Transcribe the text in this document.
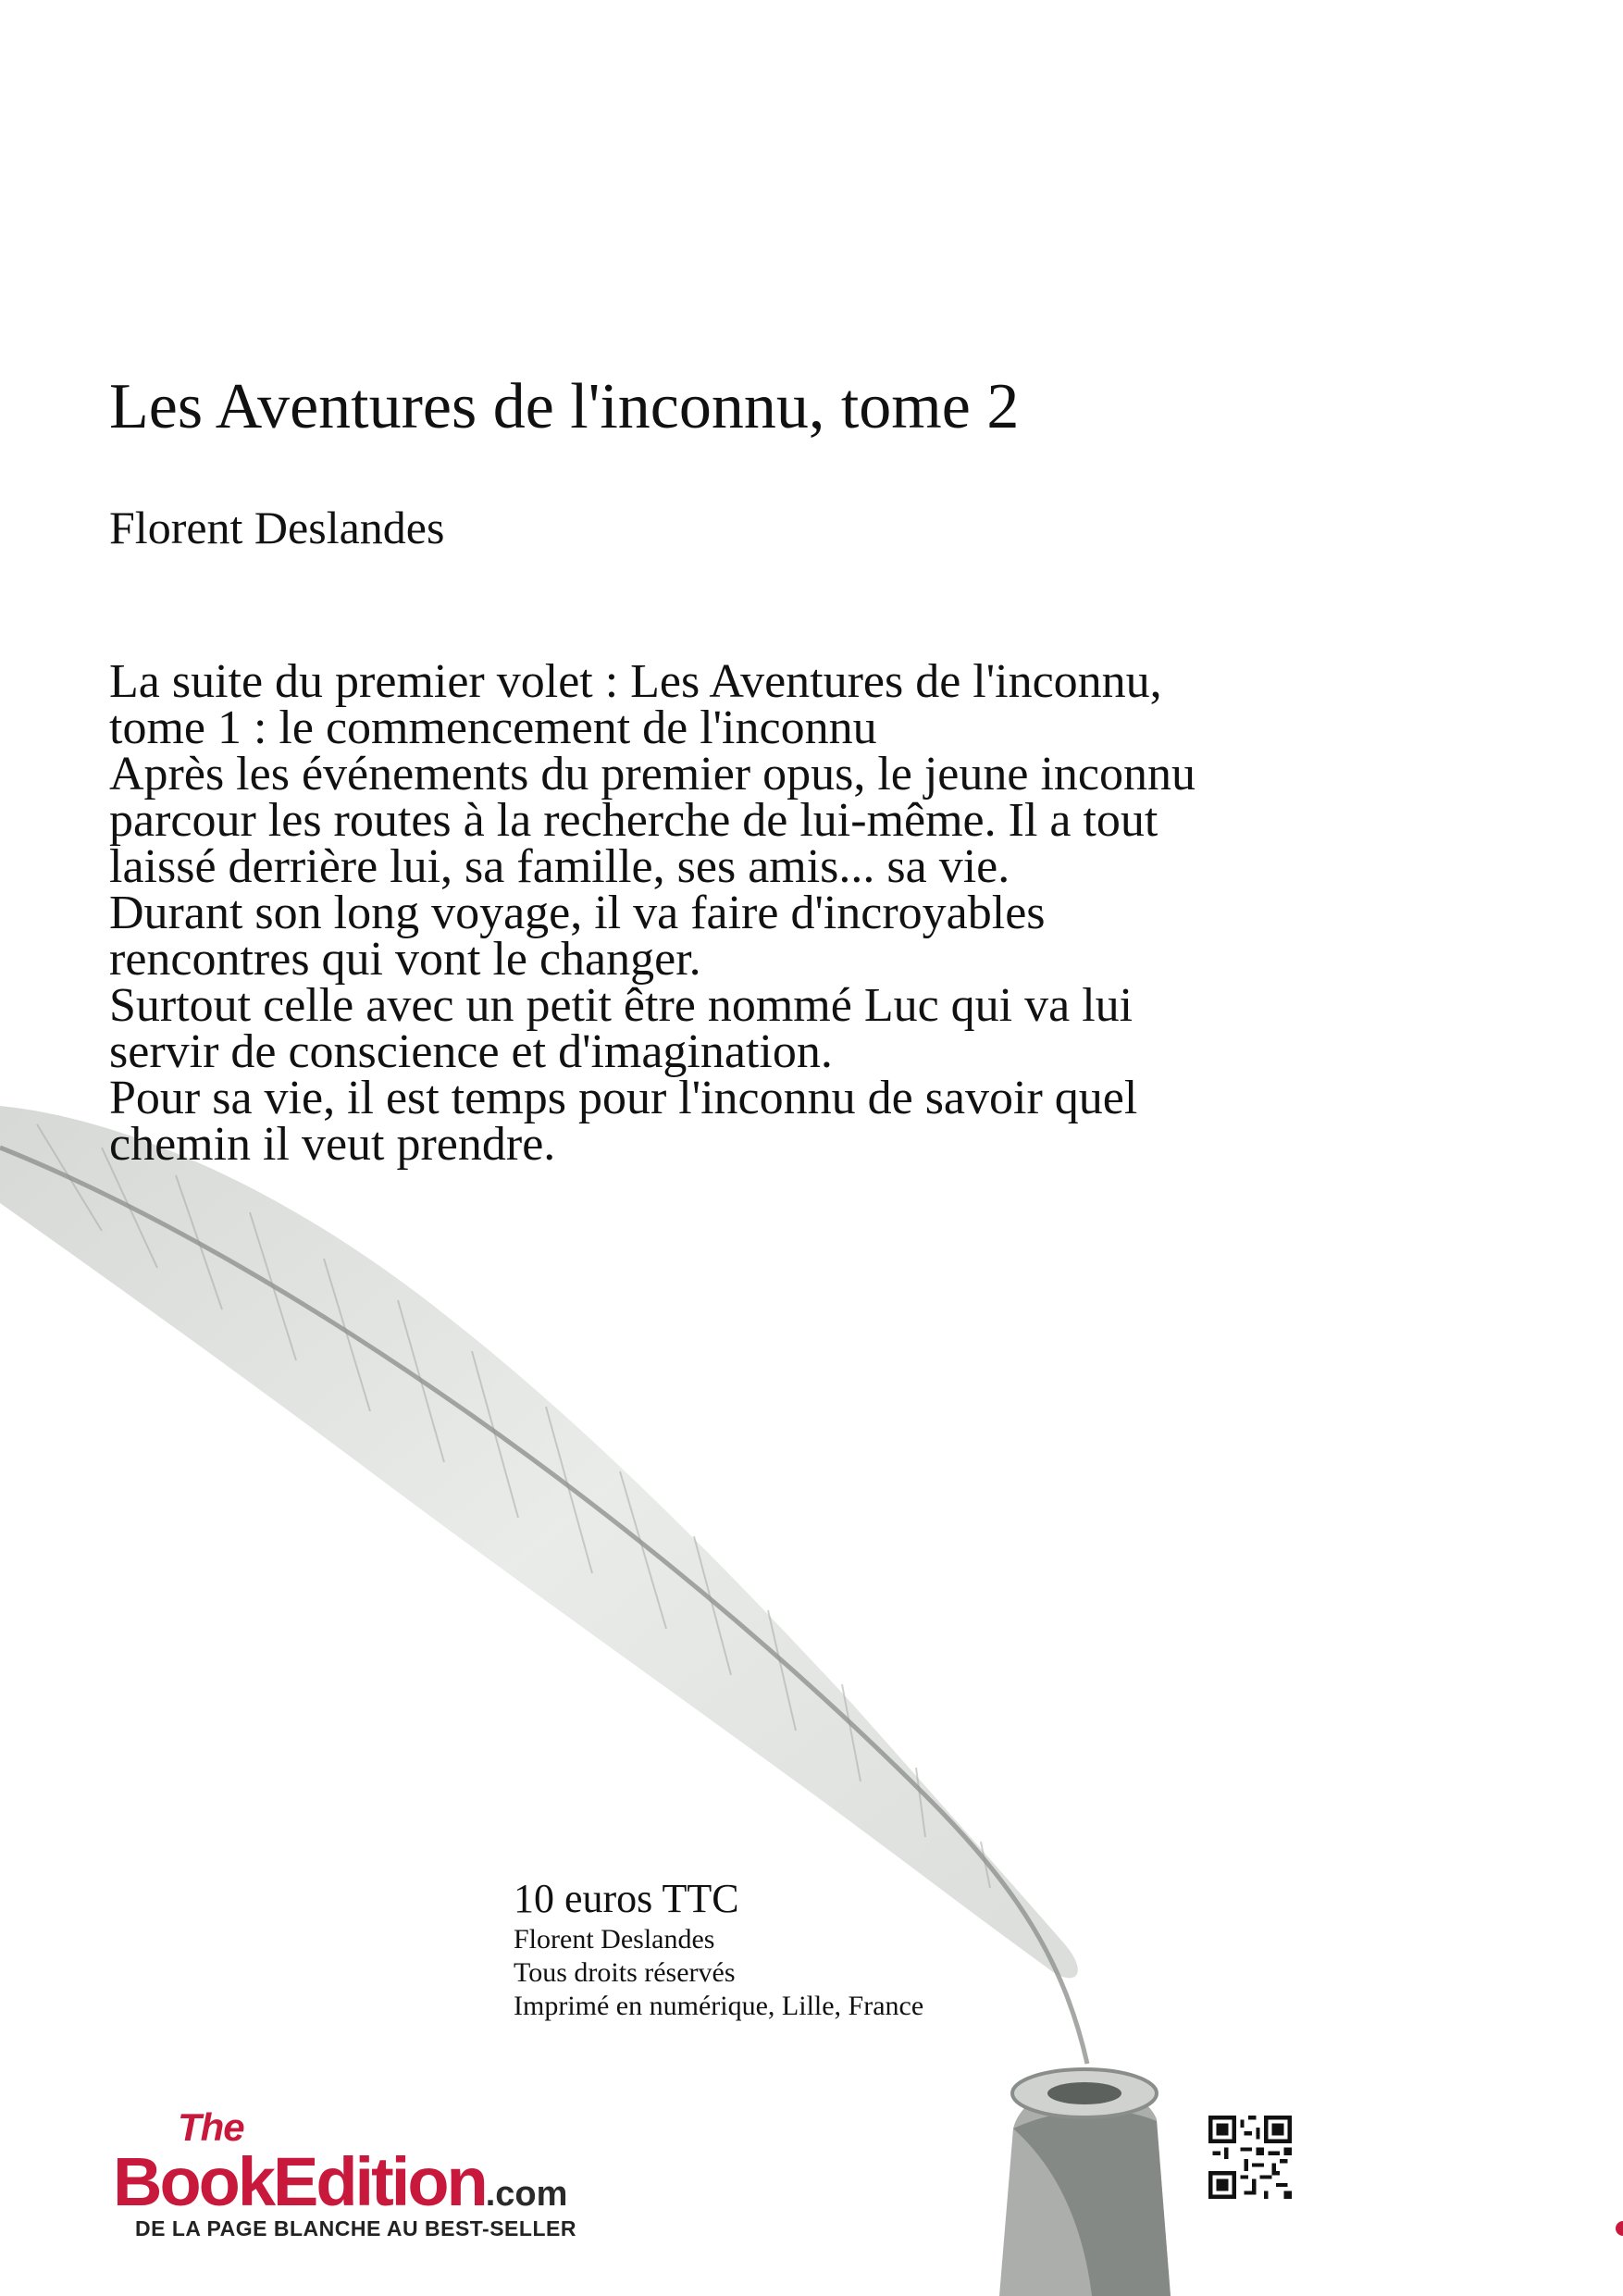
Les Aventures de l'inconnu, tome 2
Florent Deslandes

La suite du premier volet : Les Aventures de l'inconnu, tome 1 : le commencement de l'inconnu

Après les événements du premier opus, le jeune inconnu parcour les routes à la recherche de lui-même. Il a tout laissé derrière lui, sa famille, ses amis... sa vie.

Durant son long voyage, il va faire d'incroyables rencontres qui vont le changer.

Surtout celle avec un petit être nommé Luc qui va lui servir de conscience et d'imagination.

Pour sa vie, il est temps pour l'inconnu de savoir quel chemin il veut prendre.

10 euros TTC
Florent Deslandes
Tous droits réservés
Imprimé en numérique, Lille, France

The

BookEdition.com

DE LA PAGE BLANCHE AU BEST-SELLER
